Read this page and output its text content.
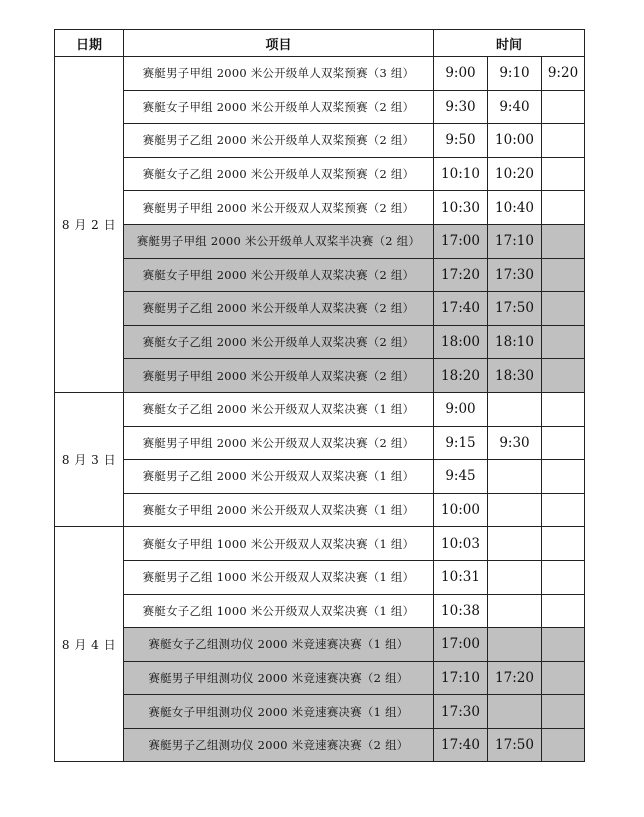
日期	项目	时间		
8 月 2 日	赛艇男子甲组 2000 米公开级单人双桨预赛（3 组）	9:00	9:10	9:20
	赛艇女子甲组 2000 米公开级单人双桨预赛（2 组）	9:30	9:40	
	赛艇男子乙组 2000 米公开级单人双桨预赛（2 组）	9:50	10:00	
	赛艇女子乙组 2000 米公开级单人双桨预赛（2 组）	10:10	10:20	
	赛艇男子甲组 2000 米公开级双人双桨预赛（2 组）	10:30	10:40	
	赛艇男子甲组 2000 米公开级单人双桨半决赛（2 组）	17:00	17:10	
	赛艇女子甲组 2000 米公开级单人双桨决赛（2 组）	17:20	17:30	
	赛艇男子乙组 2000 米公开级单人双桨决赛（2 组）	17:40	17:50	
	赛艇女子乙组 2000 米公开级单人双桨决赛（2 组）	18:00	18:10	
	赛艇男子甲组 2000 米公开级单人双桨决赛（2 组）	18:20	18:30	
8 月 3 日	赛艇女子乙组 2000 米公开级双人双桨决赛（1 组）	9:00		
	赛艇男子甲组 2000 米公开级双人双桨决赛（2 组）	9:15	9:30	
	赛艇男子乙组 2000 米公开级双人双桨决赛（1 组）	9:45		
	赛艇女子甲组 2000 米公开级双人双桨决赛（1 组）	10:00		
8 月 4 日	赛艇女子甲组 1000 米公开级双人双桨决赛（1 组）	10:03		
	赛艇男子乙组 1000 米公开级双人双桨决赛（1 组）	10:31		
	赛艇女子乙组 1000 米公开级双人双桨决赛（1 组）	10:38		
	赛艇女子乙组测功仪 2000 米竞速赛决赛（1 组）	17:00		
	赛艇男子甲组测功仪 2000 米竞速赛决赛（2 组）	17:10	17:20	
	赛艇女子甲组测功仪 2000 米竞速赛决赛（1 组）	17:30		
	赛艇男子乙组测功仪 2000 米竞速赛决赛（2 组）	17:40	17:50	
